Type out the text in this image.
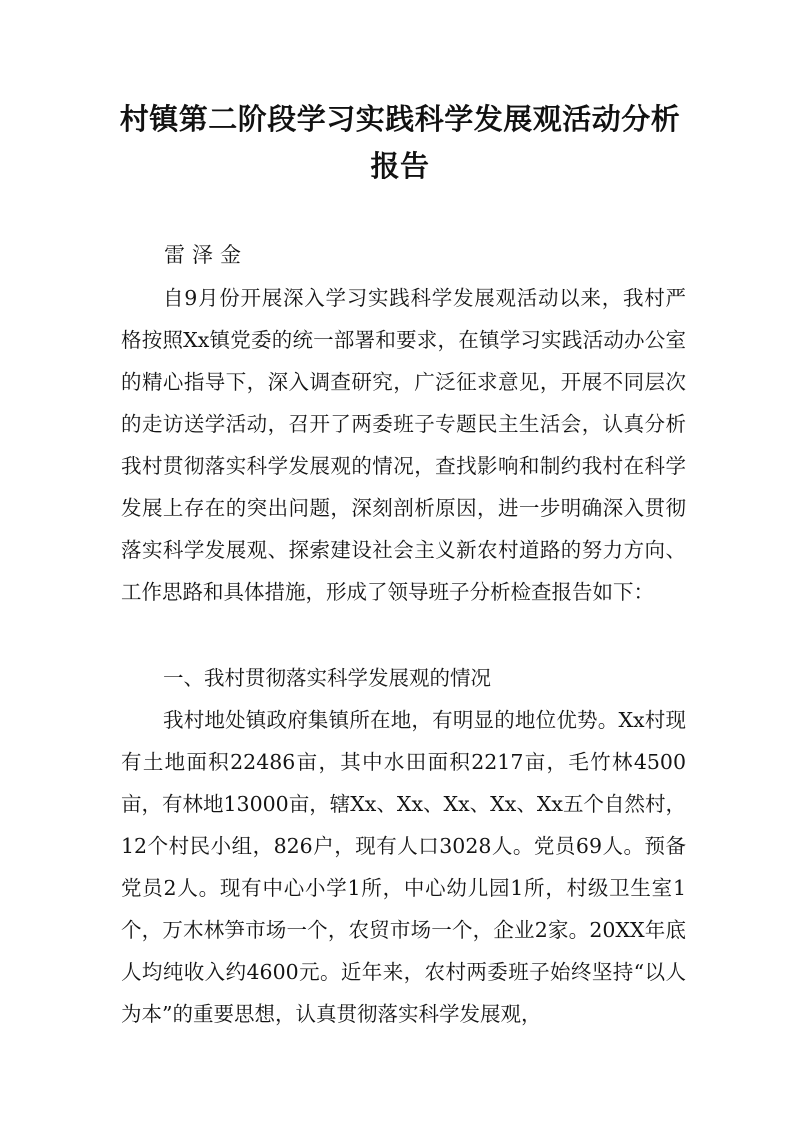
村镇第二阶段学习实践科学发展观活动分析报告

雷泽金

自9月份开展深入学习实践科学发展观活动以来，我村严格按照Xx镇党委的统一部署和要求，在镇学习实践活动办公室的精心指导下，深入调查研究，广泛征求意见，开展不同层次的走访送学活动，召开了两委班子专题民主生活会，认真分析我村贯彻落实科学发展观的情况，查找影响和制约我村在科学发展上存在的突出问题，深刻剖析原因，进一步明确深入贯彻落实科学发展观、探索建设社会主义新农村道路的努力方向、工作思路和具体措施，形成了领导班子分析检查报告如下：

一、我村贯彻落实科学发展观的情况

我村地处镇政府集镇所在地，有明显的地位优势。Xx村现有土地面积22486亩，其中水田面积2217亩，毛竹林4500亩，有林地13000亩，辖Xx、Xx、Xx、Xx、Xx五个自然村，12个村民小组，826户，现有人口3028人。党员69人。预备党员2人。现有中心小学1所，中心幼儿园1所，村级卫生室1个，万木林笋市场一个，农贸市场一个，企业2家。20XX年底人均纯收入约4600元。近年来，农村两委班子始终坚持“以人为本”的重要思想，认真贯彻落实科学发展观，
